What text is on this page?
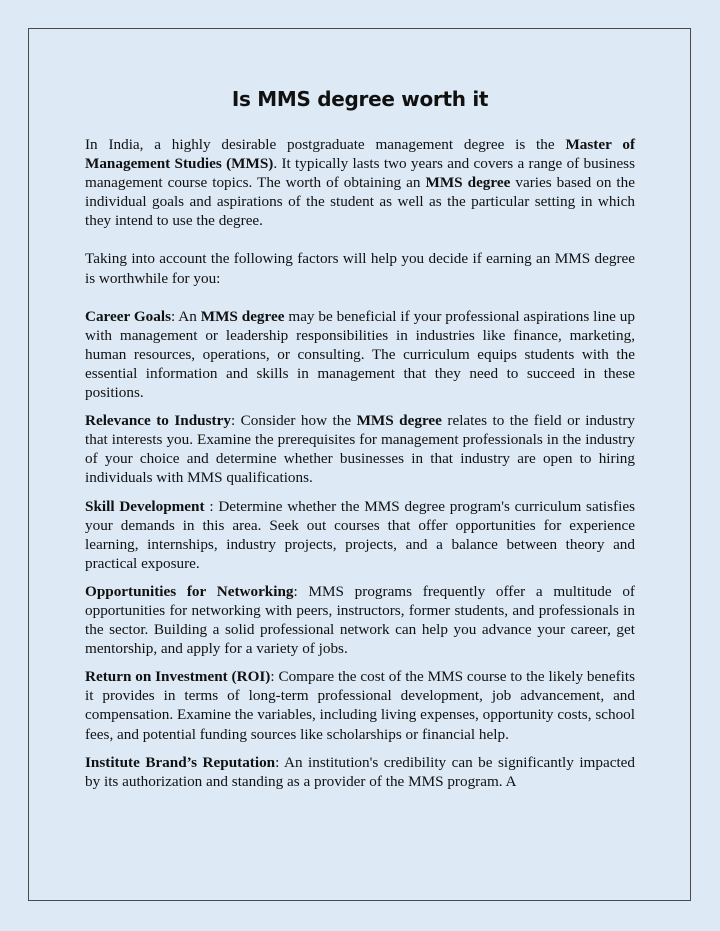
Is MMS degree worth it

In India, a highly desirable postgraduate management degree is the Master of Management Studies (MMS). It typically lasts two years and covers a range of business management course topics. The worth of obtaining an MMS degree varies based on the individual goals and aspirations of the student as well as the particular setting in which they intend to use the degree.

Taking into account the following factors will help you decide if earning an MMS degree is worthwhile for you:

Career Goals: An MMS degree may be beneficial if your professional aspirations line up with management or leadership responsibilities in industries like finance, marketing, human resources, operations, or consulting. The curriculum equips students with the essential information and skills in management that they need to succeed in these positions.

Relevance to Industry: Consider how the MMS degree relates to the field or industry that interests you. Examine the prerequisites for management professionals in the industry of your choice and determine whether businesses in that industry are open to hiring individuals with MMS qualifications.

Skill Development : Determine whether the MMS degree program's curriculum satisfies your demands in this area. Seek out courses that offer opportunities for experience learning, internships, industry projects, projects, and a balance between theory and practical exposure.

Opportunities for Networking: MMS programs frequently offer a multitude of opportunities for networking with peers, instructors, former students, and professionals in the sector. Building a solid professional network can help you advance your career, get mentorship, and apply for a variety of jobs.

Return on Investment (ROI): Compare the cost of the MMS course to the likely benefits it provides in terms of long-term professional development, job advancement, and compensation. Examine the variables, including living expenses, opportunity costs, school fees, and potential funding sources like scholarships or financial help.

Institute Brand’s Reputation: An institution's credibility can be significantly impacted by its authorization and standing as a provider of the MMS program. A
